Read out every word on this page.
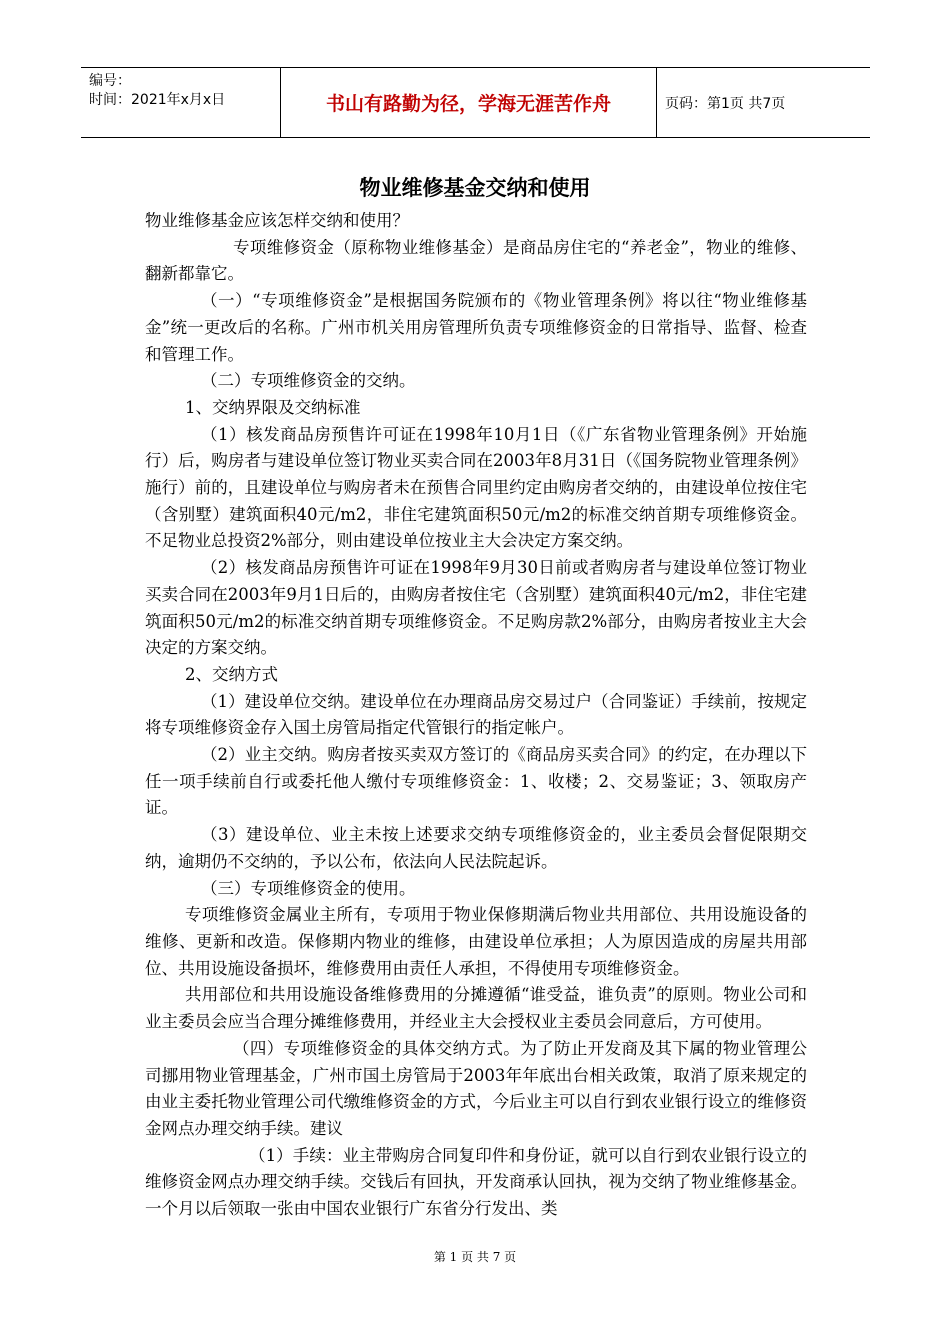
编号：
时间：2021年x月x日	书山有路勤为径，学海无涯苦作舟	页码：第1页 共7页
物业维修基金交纳和使用

物业维修基金应该怎样交纳和使用？

专项维修资金（原称物业维修基金）是商品房住宅的“养老金”，物业的维修、翻新都靠它。

（一）“专项维修资金”是根据国务院颁布的《物业管理条例》将以往“物业维修基金”统一更改后的名称。广州市机关用房管理所负责专项维修资金的日常指导、监督、检查和管理工作。

（二）专项维修资金的交纳。

1、交纳界限及交纳标准

（1）核发商品房预售许可证在1998年10月1日（《广东省物业管理条例》开始施行）后，购房者与建设单位签订物业买卖合同在2003年8月31日（《国务院物业管理条例》施行）前的，且建设单位与购房者未在预售合同里约定由购房者交纳的，由建设单位按住宅（含别墅）建筑面积40元/m2，非住宅建筑面积50元/m2的标准交纳首期专项维修资金。不足物业总投资2%部分，则由建设单位按业主大会决定方案交纳。

（2）核发商品房预售许可证在1998年9月30日前或者购房者与建设单位签订物业买卖合同在2003年9月1日后的，由购房者按住宅（含别墅）建筑面积40元/m2，非住宅建筑面积50元/m2的标准交纳首期专项维修资金。不足购房款2%部分，由购房者按业主大会决定的方案交纳。

2、交纳方式

（1）建设单位交纳。建设单位在办理商品房交易过户（合同鉴证）手续前，按规定将专项维修资金存入国土房管局指定代管银行的指定帐户。

（2）业主交纳。购房者按买卖双方签订的《商品房买卖合同》的约定，在办理以下任一项手续前自行或委托他人缴付专项维修资金：1、收楼；2、交易鉴证；3、领取房产证。

（3）建设单位、业主未按上述要求交纳专项维修资金的，业主委员会督促限期交纳，逾期仍不交纳的，予以公布，依法向人民法院起诉。

（三）专项维修资金的使用。

专项维修资金属业主所有，专项用于物业保修期满后物业共用部位、共用设施设备的维修、更新和改造。保修期内物业的维修，由建设单位承担；人为原因造成的房屋共用部位、共用设施设备损坏，维修费用由责任人承担，不得使用专项维修资金。

共用部位和共用设施设备维修费用的分摊遵循“谁受益，谁负责”的原则。物业公司和业主委员会应当合理分摊维修费用，并经业主大会授权业主委员会同意后，方可使用。

（四）专项维修资金的具体交纳方式。为了防止开发商及其下属的物业管理公司挪用物业管理基金，广州市国土房管局于2003年年底出台相关政策，取消了原来规定的由业主委托物业管理公司代缴维修资金的方式，今后业主可以自行到农业银行设立的维修资金网点办理交纳手续。建议

（1）手续：业主带购房合同复印件和身份证，就可以自行到农业银行设立的维修资金网点办理交纳手续。交钱后有回执，开发商承认回执，视为交纳了物业维修基金。一个月以后领取一张由中国农业银行广东省分行发出、类

第 1 页 共 7 页
